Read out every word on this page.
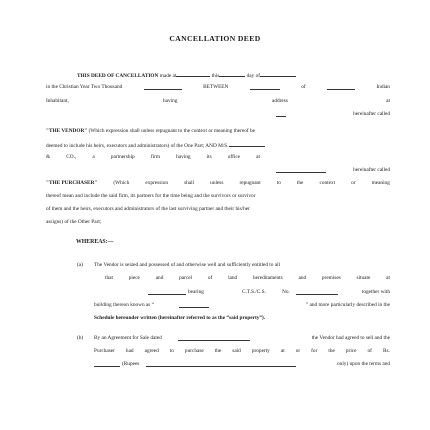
CANCELLATION DEED
THIS DEED OF CANCELLATION made at	this	day of
in the Christian Year Two Thousand	BETWEEN	of	Indian
Inhabitant,	having	address	at
hereinafter called
"THE VENDOR" (Which expression shall unless repugnant to the context or meaning thereof be
deemed to include his heirs, executors and administrators) of the One Part; AND M/S.
&	CO.,	a	partnership	firm	having	its	office	at
hereinafter called
"THE PURCHASER"	(Which	expression	shall	unless	repugnant	to	the	context	or	meaning
thereof mean and include the said firm, its partners for the time being and the survivors or survivor
of them and the heirs, executors and administrators of the last surviving partner and their his/her
assigns) of the Other Part;
WHEREAS:—
(a) The Vendor is seized and possessed of and otherwise well and sufficiently entitled to all
that	piece	and	parcel	of	land	hereditaments	and	premises	situate	at
bearing	C.T.S./C.S.	No.	together with
building thereon known as “	” and more particularly described in the
Schedule hereunder written (hereinafter referred to as the “said property”).
(b) By an Agreement for Sale dated	the Vendor had agreed to sell and the
Purchaser had agreed to purchase the said property at or for the price of Rs.
(Rupees	only) upon the terms and
